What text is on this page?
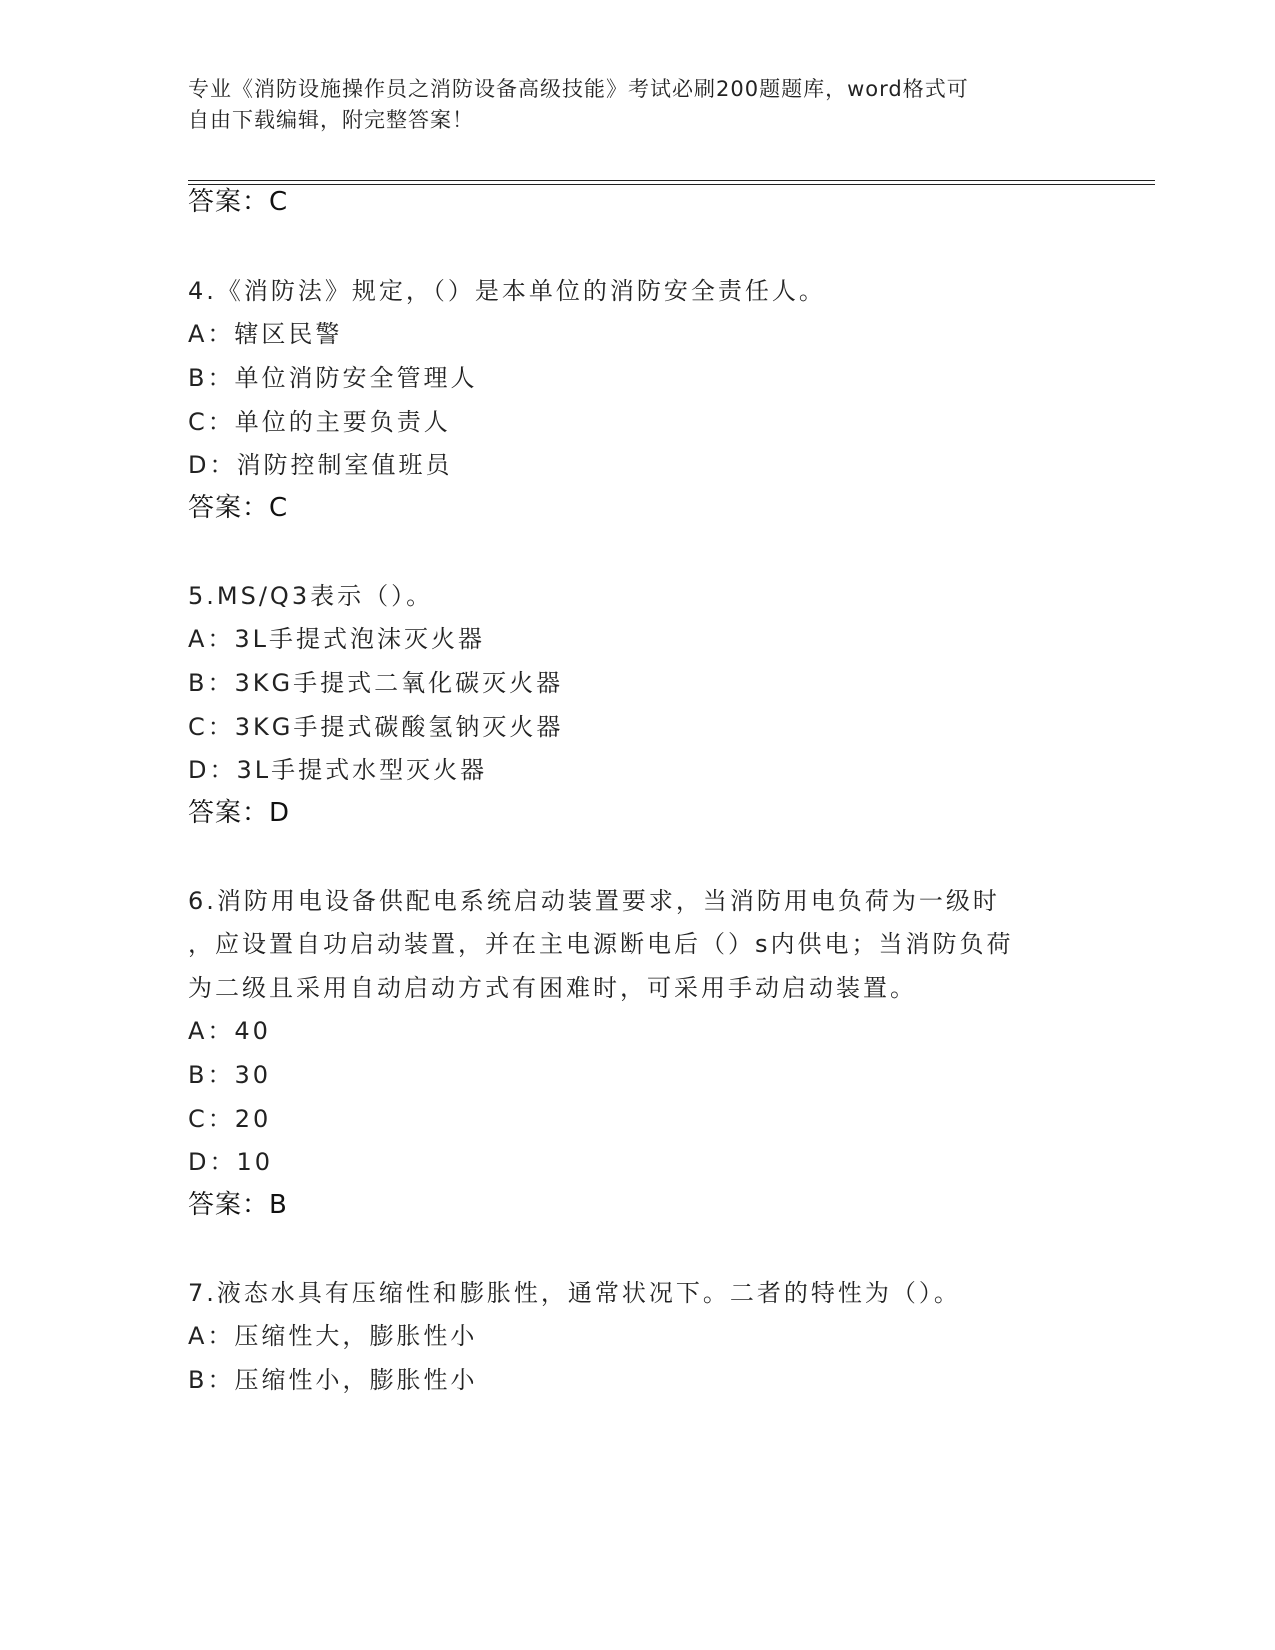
专业《消防设施操作员之消防设备高级技能》考试必刷200题题库，word格式可
自由下载编辑，附完整答案！
答案：C
4.《消防法》规定，（）是本单位的消防安全责任人。
A：辖区民警
B：单位消防安全管理人
C：单位的主要负责人
D：消防控制室值班员
答案：C
5.MS/Q3表示（）。
A：3L手提式泡沫灭火器
B：3KG手提式二氧化碳灭火器
C：3KG手提式碳酸氢钠灭火器
D：3L手提式水型灭火器
答案：D
6.消防用电设备供配电系统启动装置要求，当消防用电负荷为一级时
，应设置自功启动装置，并在主电源断电后（）s内供电；当消防负荷
为二级且采用自动启动方式有困难时，可采用手动启动装置。
A：40
B：30
C：20
D：10
答案：B
7.液态水具有压缩性和膨胀性，通常状况下。二者的特性为（）。
A：压缩性大，膨胀性小
B：压缩性小，膨胀性小
